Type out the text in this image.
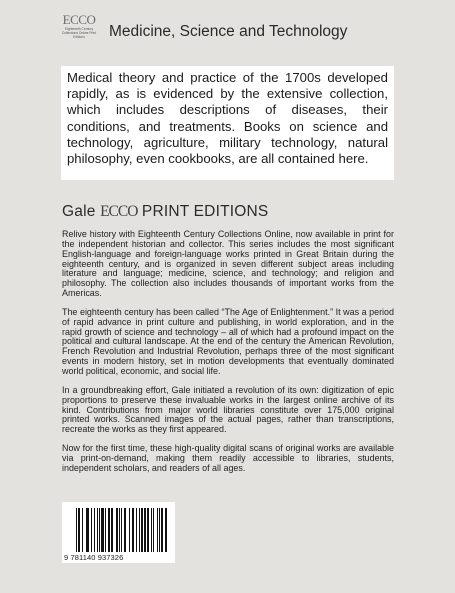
ECCO
Eighteenth Century Collections Online Print Editions	Medicine, Science and Technology
Medical theory and practice of the 1700s developed rapidly, as is evidenced by the extensive collection, which includes descriptions of diseases, their conditions, and treatments. Books on science and technology, agriculture, military technology, natural philosophy, even cookbooks, are all contained here.
Gale ECCO PRINT EDITIONS

Relive history with Eighteenth Century Collections Online, now available in print for the independent historian and collector. This series includes the most significant English-language and foreign-language works printed in Great Britain during the eighteenth century, and is organized in seven different subject areas including literature and language; medicine, science, and technology; and religion and philosophy. The collection also includes thousands of important works from the Americas.

The eighteenth century has been called “The Age of Enlightenment.” It was a period of rapid advance in print culture and publishing, in world exploration, and in the rapid growth of science and technology – all of which had a profound impact on the political and cultural landscape. At the end of the century the American Revolution, French Revolution and Industrial Revolution, perhaps three of the most significant events in modern history, set in motion developments that eventually dominated world political, economic, and social life.

In a groundbreaking effort, Gale initiated a revolution of its own: digitization of epic proportions to preserve these invaluable works in the largest online archive of its kind. Contributions from major world libraries constitute over 175,000 original printed works. Scanned images of the actual pages, rather than transcriptions, recreate the works as they first appeared.

Now for the first time, these high-quality digital scans of original works are available via print-on-demand, making them readily accessible to libraries, students, independent scholars, and readers of all ages.

9 781140 937326
